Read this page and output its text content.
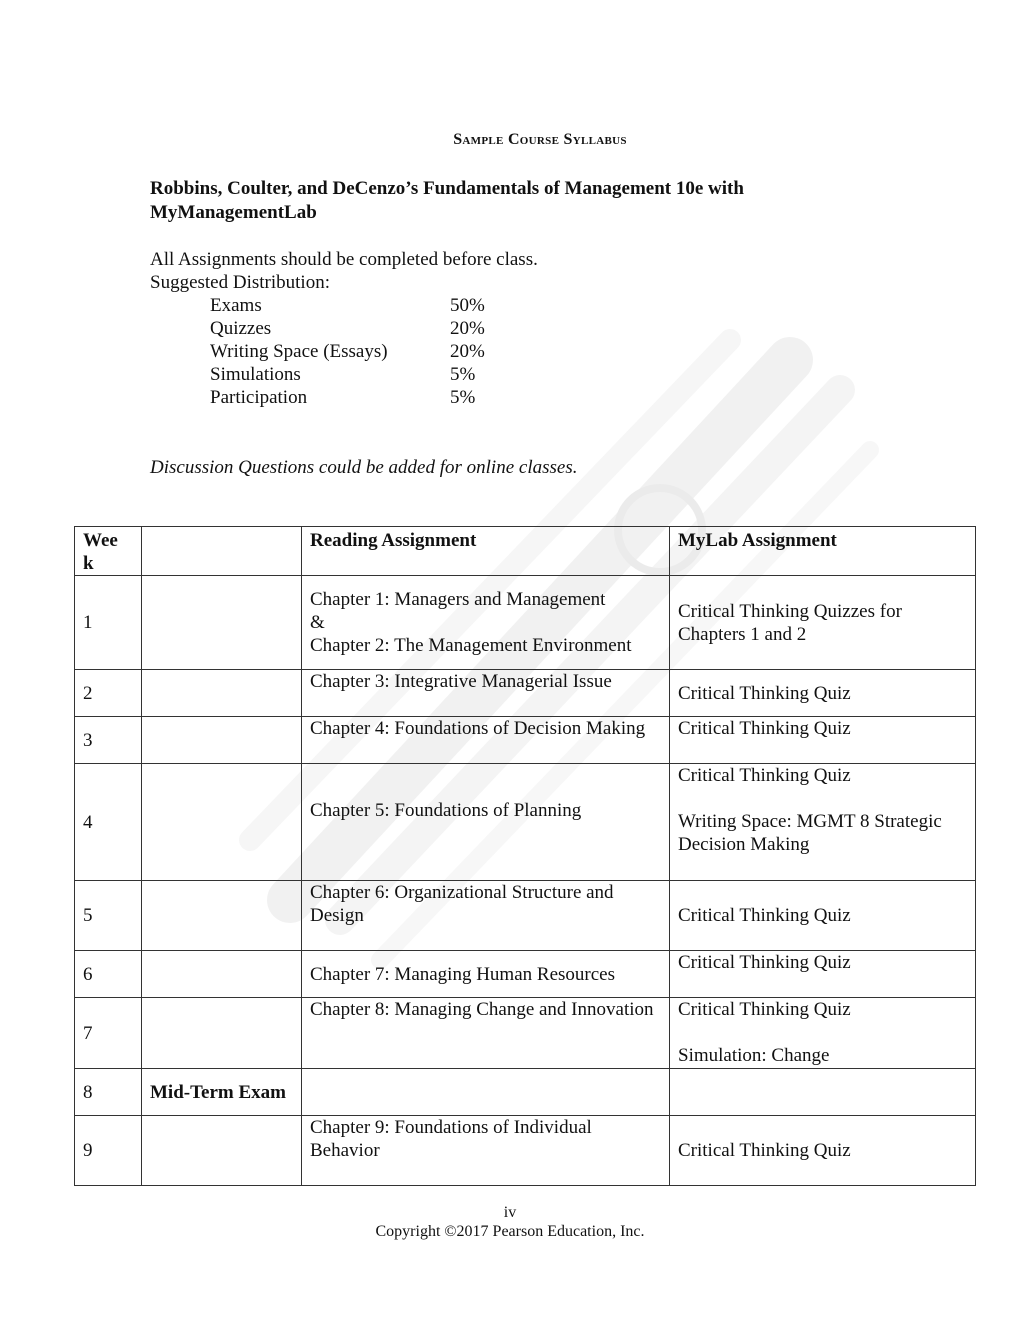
Sample Course Syllabus
Robbins, Coulter, and DeCenzo’s Fundamentals of Management 10e with MyManagementLab
All Assignments should be completed before class.
Suggested Distribution:
Exams	50%
Quizzes	20%
Writing Space (Essays)	20%
Simulations	5%
Participation	5%
Discussion Questions could be added for online classes.
Wee k		Reading Assignment	MyLab Assignment
1		Chapter 1: Managers and Management
&
Chapter 2: The Management Environment	Critical Thinking Quizzes for Chapters 1 and 2

2		Chapter 3: Integrative Managerial Issue	Critical Thinking Quiz

3		Chapter 4: Foundations of Decision Making	Critical Thinking Quiz

4		Chapter 5: Foundations of Planning	Critical Thinking Quiz
Writing Space: MGMT 8 Strategic Decision Making

5		Chapter 6: Organizational Structure and Design	Critical Thinking Quiz

6		Chapter 7: Managing Human Resources	Critical Thinking Quiz

7		Chapter 8: Managing Change and Innovation	Critical Thinking Quiz
Simulation: Change

8	Mid-Term Exam		
9		Chapter 9: Foundations of Individual Behavior	Critical Thinking Quiz
iv
Copyright ©2017 Pearson Education, Inc.
